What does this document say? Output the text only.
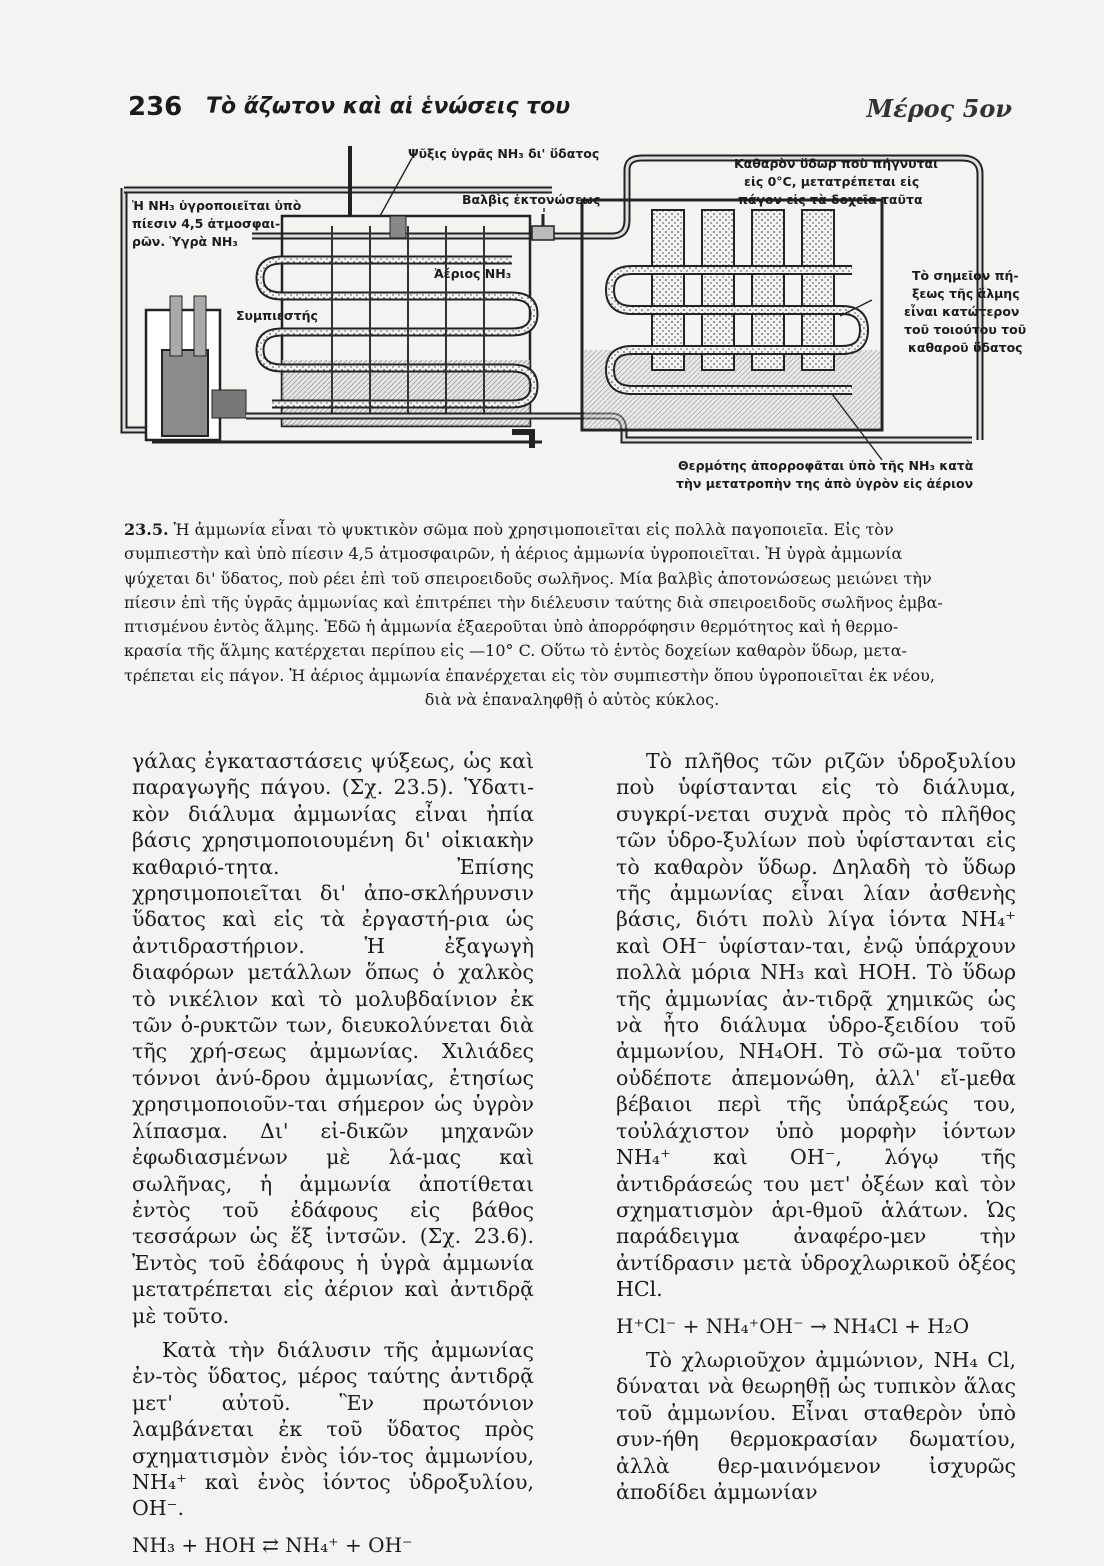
236 Τὸ ἄζωτον καὶ αἱ ἑνώσεις του	Μέρος 5ον
Ψῦξις ὑγρᾶς NH₃ δι' ὕδατος
Ἡ NH₃ ὑγροποιεῖται ὑπὸ
πίεσιν 4,5 ἀτμοσφαι-
ρῶν. Ὑγρὰ NH₃
Βαλβὶς ἐκτονώσεως
Ἀέριος NH₃
Συμπιεστής
Καθαρὸν ὕδωρ ποὺ πήγνυται
εἰς 0°C, μετατρέπεται εἰς
πάγον εἰς τὰ δοχεῖα ταῦτα
Τὸ σημεῖον πή-
ξεως τῆς ἅλμης
εἶναι κατώτερον
τοῦ τοιούτου τοῦ
καθαροῦ ὕδατος
Θερμότης ἀπορροφᾶται ὑπὸ τῆς NH₃ κατὰ
τὴν μετατροπὴν της ἀπὸ ὑγρὸν εἰς ἀέριον

23.5. Ἡ ἀμμωνία εἶναι τὸ ψυκτικὸν σῶμα ποὺ χρησιμοποιεῖται εἰς πολλὰ παγοποιεῖα. Εἰς τὸν

συμπιεστὴν καὶ ὑπὸ πίεσιν 4,5 ἀτμοσφαιρῶν, ἡ ἀέριος ἀμμωνία ὑγροποιεῖται. Ἡ ὑγρὰ ἀμμωνία

ψύχεται δι' ὕδατος, ποὺ ρέει ἐπὶ τοῦ σπειροειδοῦς σωλῆνος. Μία βαλβὶς ἀποτονώσεως μειώνει τὴν

πίεσιν ἐπὶ τῆς ὑγρᾶς ἀμμωνίας καὶ ἐπιτρέπει τὴν διέλευσιν ταύτης διὰ σπειροειδοῦς σωλῆνος ἐμβα-

πτισμένου ἐντὸς ἅλμης. Ἐδῶ ἡ ἀμμωνία ἐξαεροῦται ὑπὸ ἀπορρόφησιν θερμότητος καὶ ἡ θερμο-

κρασία τῆς ἅλμης κατέρχεται περίπου εἰς —10° C. Οὕτω τὸ ἐντὸς δοχείων καθαρὸν ὕδωρ, μετα-

τρέπεται εἰς πάγον. Ἡ ἀέριος ἀμμωνία ἐπανέρχεται εἰς τὸν συμπιεστὴν ὅπου ὑγροποιεῖται ἐκ νέου,

διὰ νὰ ἐπαναληφθῇ ὁ αὐτὸς κύκλος.

γάλας ἐγκαταστάσεις ψύξεως, ὡς καὶ παραγωγῆς πάγου. (Σχ. 23.5). Ὑδατι-κὸν διάλυμα ἀμμωνίας εἶναι ἠπία βάσις χρησιμοποιουμένη δι' οἰκιακὴν καθαριό-τητα. Ἐπίσης χρησιμοποιεῖται δι' ἀπο-σκλήρυνσιν ὕδατος καὶ εἰς τὰ ἐργαστή-ρια ὡς ἀντιδραστήριον. Ἡ ἐξαγωγὴ διαφόρων μετάλλων ὅπως ὁ χαλκὸς τὸ νικέλιον καὶ τὸ μολυβδαίνιον ἐκ τῶν ὀ-ρυκτῶν των, διευκολύνεται διὰ τῆς χρή-σεως ἀμμωνίας. Χιλιάδες τόννοι ἀνύ-δρου ἀμμωνίας, ἐτησίως χρησιμοποιοῦν-ται σήμερον ὡς ὑγρὸν λίπασμα. Δι' εἰ-δικῶν μηχανῶν ἐφωδιασμένων μὲ λά-μας καὶ σωλῆνας, ἡ ἀμμωνία ἀποτίθεται ἐντὸς τοῦ ἐδάφους εἰς βάθος τεσσάρων ὡς ἕξ ἰντσῶν. (Σχ. 23.6). Ἐντὸς τοῦ ἐδάφους ἡ ὑγρὰ ἀμμωνία μετατρέπεται εἰς ἀέριον καὶ ἀντιδρᾷ μὲ τοῦτο.

Κατὰ τὴν διάλυσιν τῆς ἀμμωνίας ἐν-τὸς ὕδατος, μέρος ταύτης ἀντιδρᾷ μετ' αὐτοῦ. Ἓν πρωτόνιον λαμβάνεται ἐκ τοῦ ὕδατος πρὸς σχηματισμὸν ἑνὸς ἰόν-τος ἀμμωνίου, NH₄⁺ καὶ ἑνὸς ἰόντος ὑδροξυλίου, OH⁻.

NH₃ + HOH ⇄ NH₄⁺ + OH⁻

Τὸ πλῆθος τῶν ριζῶν ὑδροξυλίου ποὺ ὑφίστανται εἰς τὸ διάλυμα, συγκρί-νεται συχνὰ πρὸς τὸ πλῆθος τῶν ὑδρο-ξυλίων ποὺ ὑφίστανται εἰς τὸ καθαρὸν ὕδωρ. Δηλαδὴ τὸ ὕδωρ τῆς ἀμμωνίας εἶναι λίαν ἀσθενὴς βάσις, διότι πολὺ λίγα ἰόντα NH₄⁺ καὶ OH⁻ ὑφίσταν-ται, ἐνῷ ὑπάρχουν πολλὰ μόρια NH₃ καὶ HOH. Τὸ ὕδωρ τῆς ἀμμωνίας ἀν-τιδρᾷ χημικῶς ὡς νὰ ἦτο διάλυμα ὑδρο-ξειδίου τοῦ ἀμμωνίου, NH₄OH. Τὸ σῶ-μα τοῦτο οὐδέποτε ἀπεμονώθη, ἀλλ' εἴ-μεθα βέβαιοι περὶ τῆς ὑπάρξεώς του, τοὐλάχιστον ὑπὸ μορφὴν ἰόντων NH₄⁺ καὶ OH⁻, λόγῳ τῆς ἀντιδράσεώς του μετ' ὀξέων καὶ τὸν σχηματισμὸν ἁρι-θμοῦ ἁλάτων. Ὡς παράδειγμα ἀναφέρο-μεν τὴν ἀντίδρασιν μετὰ ὑδροχλωρικοῦ ὀξέος HCl.

H⁺Cl⁻ + NH₄⁺OH⁻ → NH₄Cl + H₂O

Τὸ χλωριοῦχον ἀμμώνιον, NH₄ Cl, δύναται νὰ θεωρηθῇ ὡς τυπικὸν ἅλας τοῦ ἀμμωνίου. Εἶναι σταθερὸν ὑπὸ συν-ήθη θερμοκρασίαν δωματίου, ἀλλὰ θερ-μαινόμενον ἰσχυρῶς ἀποδίδει ἀμμωνίαν
